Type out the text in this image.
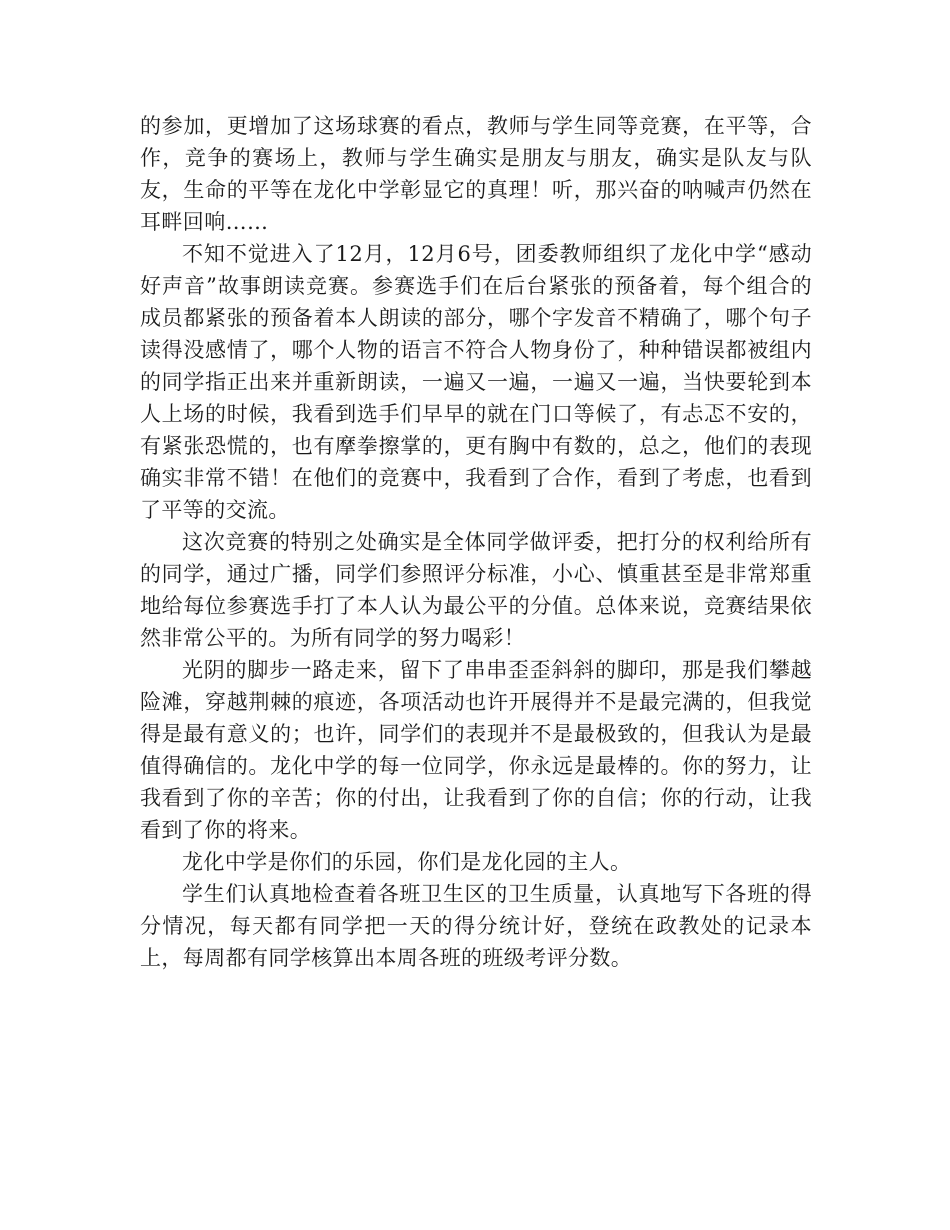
的参加，更增加了这场球赛的看点，教师与学生同等竞赛，在平等，合作，竞争的赛场上，教师与学生确实是朋友与朋友，确实是队友与队友，生命的平等在龙化中学彰显它的真理！听，那兴奋的呐喊声仍然在耳畔回响……

不知不觉进入了12月，12月6号，团委教师组织了龙化中学“感动好声音”故事朗读竞赛。参赛选手们在后台紧张的预备着，每个组合的成员都紧张的预备着本人朗读的部分，哪个字发音不精确了，哪个句子读得没感情了，哪个人物的语言不符合人物身份了，种种错误都被组内的同学指正出来并重新朗读，一遍又一遍，一遍又一遍，当快要轮到本人上场的时候，我看到选手们早早的就在门口等候了，有忐忑不安的，有紧张恐慌的，也有摩拳擦掌的，更有胸中有数的，总之，他们的表现确实非常不错！在他们的竞赛中，我看到了合作，看到了考虑，也看到了平等的交流。

这次竞赛的特别之处确实是全体同学做评委，把打分的权利给所有的同学，通过广播，同学们参照评分标准，小心、慎重甚至是非常郑重地给每位参赛选手打了本人认为最公平的分值。总体来说，竞赛结果依然非常公平的。为所有同学的努力喝彩！

光阴的脚步一路走来，留下了串串歪歪斜斜的脚印，那是我们攀越险滩，穿越荆棘的痕迹，各项活动也许开展得并不是最完满的，但我觉得是最有意义的；也许，同学们的表现并不是最极致的，但我认为是最值得确信的。龙化中学的每一位同学，你永远是最棒的。你的努力，让我看到了你的辛苦；你的付出，让我看到了你的自信；你的行动，让我看到了你的将来。

龙化中学是你们的乐园，你们是龙化园的主人。

学生们认真地检查着各班卫生区的卫生质量，认真地写下各班的得分情况，每天都有同学把一天的得分统计好，登统在政教处的记录本上，每周都有同学核算出本周各班的班级考评分数。
